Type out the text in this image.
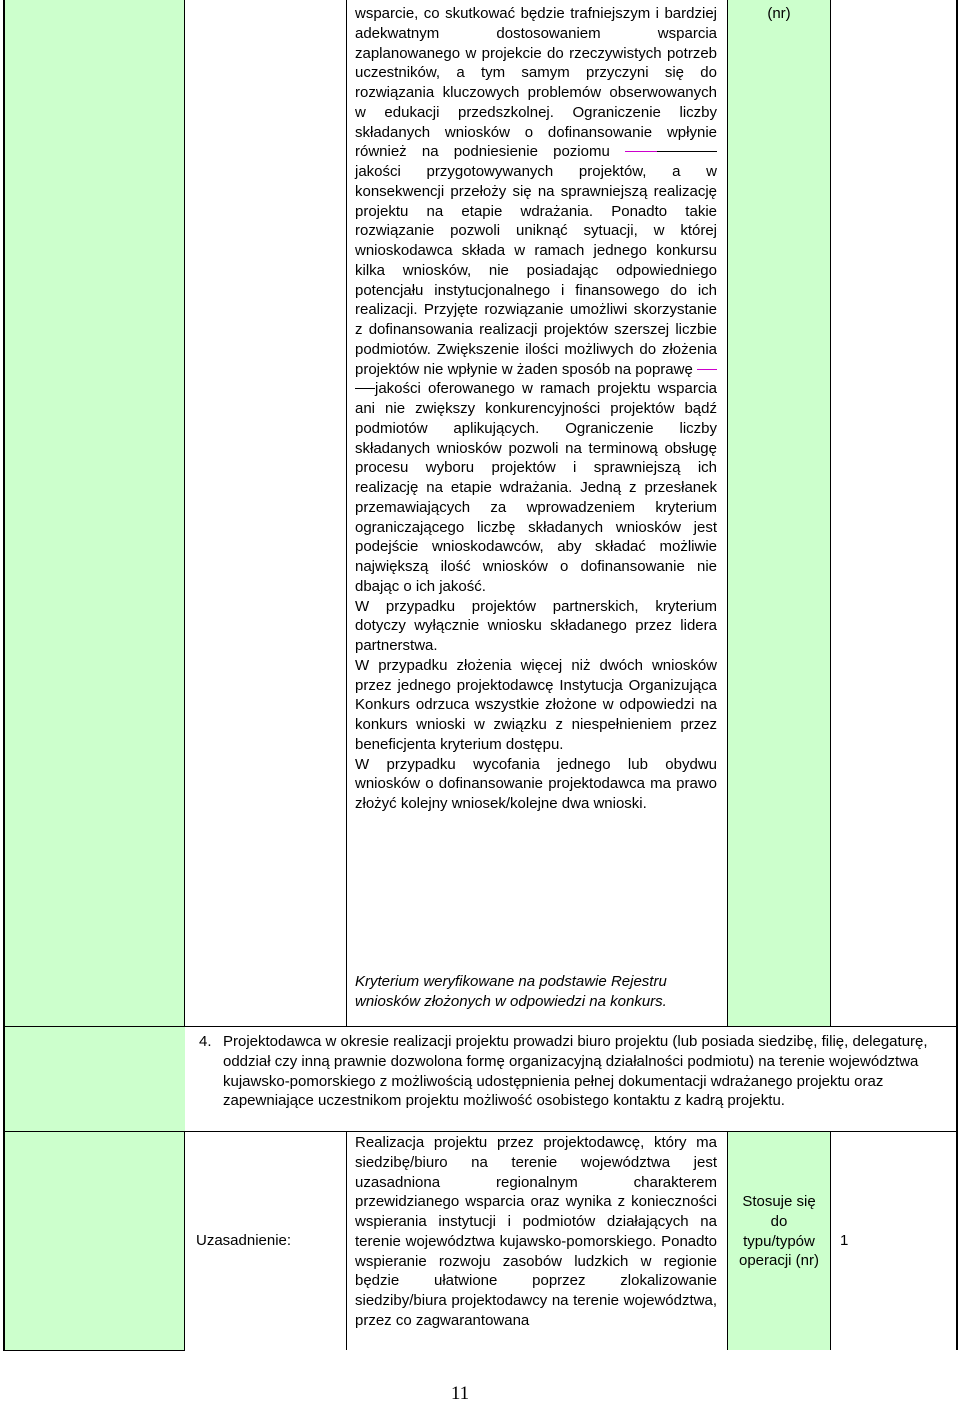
wsparcie, co skutkować będzie trafniejszym i bardziej adekwatnym dostosowaniem wsparcia zaplanowanego w projekcie do rzeczywistych potrzeb uczestników, a tym samym przyczyni się do rozwiązania kluczowych problemów obserwowanych w edukacji przedszkolnej. Ograniczenie liczby składanych wniosków o dofinansowanie wpłynie również na podniesienie poziomu jakości przygotowywanych projektów, a w konsekwencji przełoży się na sprawniejszą realizację projektu na etapie wdrażania. Ponadto takie rozwiązanie pozwoli uniknąć sytuacji, w której wnioskodawca składa w ramach jednego konkursu kilka wniosków, nie posiadając odpowiedniego potencjału instytucjonalnego i finansowego do ich realizacji. Przyjęte rozwiązanie umożliwi skorzystanie z dofinansowania realizacji projektów szerszej liczbie podmiotów. Zwiększenie ilości możliwych do złożenia projektów nie wpłynie w żaden sposób na poprawę jakości oferowanego w ramach projektu wsparcia ani nie zwiększy konkurencyjności projektów bądź podmiotów aplikujących. Ograniczenie liczby składanych wniosków pozwoli na terminową obsługę procesu wyboru projektów i sprawniejszą ich realizację na etapie wdrażania. Jedną z przesłanek przemawiających za wprowadzeniem kryterium ograniczającego liczbę składanych wniosków jest podejście wnioskodawców, aby składać możliwie największą ilość wniosków o dofinansowanie nie dbając o ich jakość.

W przypadku projektów partnerskich, kryterium dotyczy wyłącznie wniosku składanego przez lidera partnerstwa.

W przypadku złożenia więcej niż dwóch wniosków przez jednego projektodawcę Instytucja Organizująca Konkurs odrzuca wszystkie złożone w odpowiedzi na konkurs wnioski w związku z niespełnieniem przez beneficjenta kryterium dostępu.

W przypadku wycofania jednego lub obydwu wniosków o dofinansowanie projektodawca ma prawo złożyć kolejny wniosek/kolejne dwa wnioski.

Kryterium weryfikowane na podstawie Rejestru wniosków złożonych w odpowiedzi na konkurs.
(nr)
4. Projektodawca w okresie realizacji projektu prowadzi biuro projektu (lub posiada siedzibę, filię, delegaturę, oddział czy inną prawnie dozwolona formę organizacyjną działalności podmiotu) na terenie województwa kujawsko-pomorskiego z możliwością udostępnienia pełnej dokumentacji wdrażanego projektu oraz zapewniające uczestnikom projektu możliwość osobistego kontaktu z kadrą projektu.
Uzasadnienie:
Realizacja projektu przez projektodawcę, który ma siedzibę/biuro na terenie województwa jest uzasadniona regionalnym charakterem przewidzianego wsparcia oraz wynika z konieczności wspierania instytucji i podmiotów działających na terenie województwa kujawsko-pomorskiego. Ponadto wspieranie rozwoju zasobów ludzkich w regionie będzie ułatwione poprzez zlokalizowanie siedziby/biura projektodawcy na terenie województwa, przez co zagwarantowana
Stosuje się do typu/typów operacji (nr)
1
11
